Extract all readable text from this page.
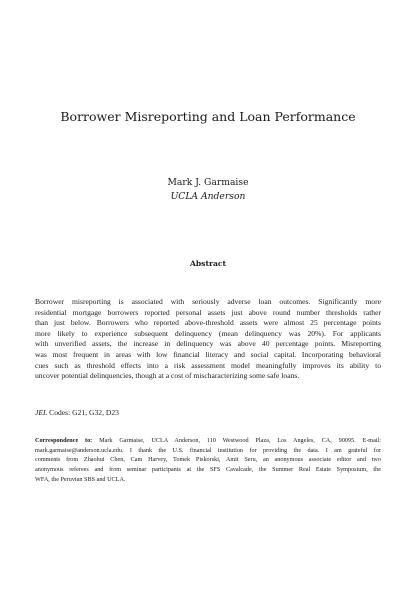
Borrower Misreporting and Loan Performance
Mark J. Garmaise
UCLA Anderson
Abstract
Borrower misreporting is associated with seriously adverse loan outcomes. Significantly more
residential mortgage borrowers reported personal assets just above round number thresholds rather
than just below. Borrowers who reported above-threshold assets were almost 25 percentage points
more likely to experience subsequent delinquency (mean delinquency was 20%). For applicants
with unverified assets, the increase in delinquency was above 40 percentage points. Misreporting
was most frequent in areas with low financial literacy and social capital. Incorporating behavioral
cues such as threshold effects into a risk assessment model meaningfully improves its ability to
uncover potential delinquencies, though at a cost of mischaracterizing some safe loans.
JEL Codes: G21, G32, D23
Correspondence to: Mark Garmaise, UCLA Anderson, 110 Westwood Plaza, Los Angeles, CA, 90095. E-mail:
mark.garmaise@anderson.ucla.edu. I thank the U.S. financial institution for providing the data. I am grateful for
comments from Zhaohui Chen, Cam Harvey, Tomek Piskorski, Amit Seru, an anonymous associate editor and two
anonymous referees and from seminar participants at the SFS Cavalcade, the Summer Real Estate Symposium, the
WFA, the Peruvian SBS and UCLA.
